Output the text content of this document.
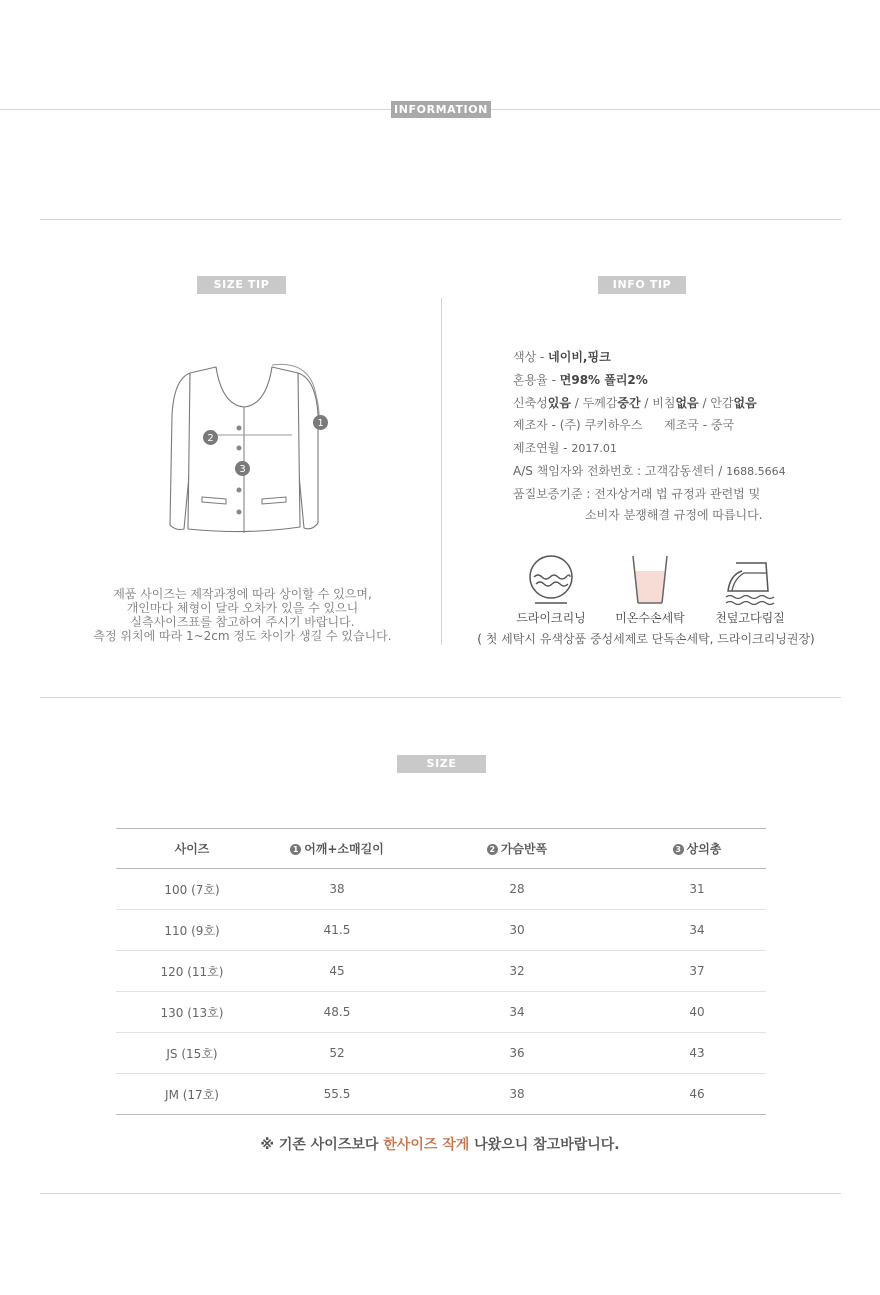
INFORMATION
SIZE TIP
1
2
3
제품 사이즈는 제작과정에 따라 상이할 수 있으며,
개인마다 체형이 달라 오차가 있을 수 있으니
실측사이즈표를 참고하여 주시기 바랍니다.
측정 위치에 따라 1~2cm 정도 차이가 생길 수 있습니다.
INFO TIP
색상 - 네이비,핑크
혼용율 - 면98% 폴리2%
신축성있음 / 두께감중간 / 비침없음 / 안감없음
제조자 - (주) 쿠키하우스 제조국 - 중국
제조연월 - 2017.01
A/S 책임자와 전화번호 : 고객감동센터 / 1688.5664
품질보증기준 : 전자상거래 법 규정과 관련법 및
소비자 분쟁해결 규정에 따릅니다.
드라이크리닝	미온수손세탁	천덮고다림질
( 첫 세탁시 유색상품 중성세제로 단독손세탁, 드라이크리닝권장)
SIZE
사이즈	1 어깨+소매길이	2 가슴반폭	3 상의총
100 (7호)	38	28	31
110 (9호)	41.5	30	34
120 (11호)	45	32	37
130 (13호)	48.5	34	40
JS (15호)	52	36	43
JM (17호)	55.5	38	46
※ 기존 사이즈보다 한사이즈 작게 나왔으니 참고바랍니다.
